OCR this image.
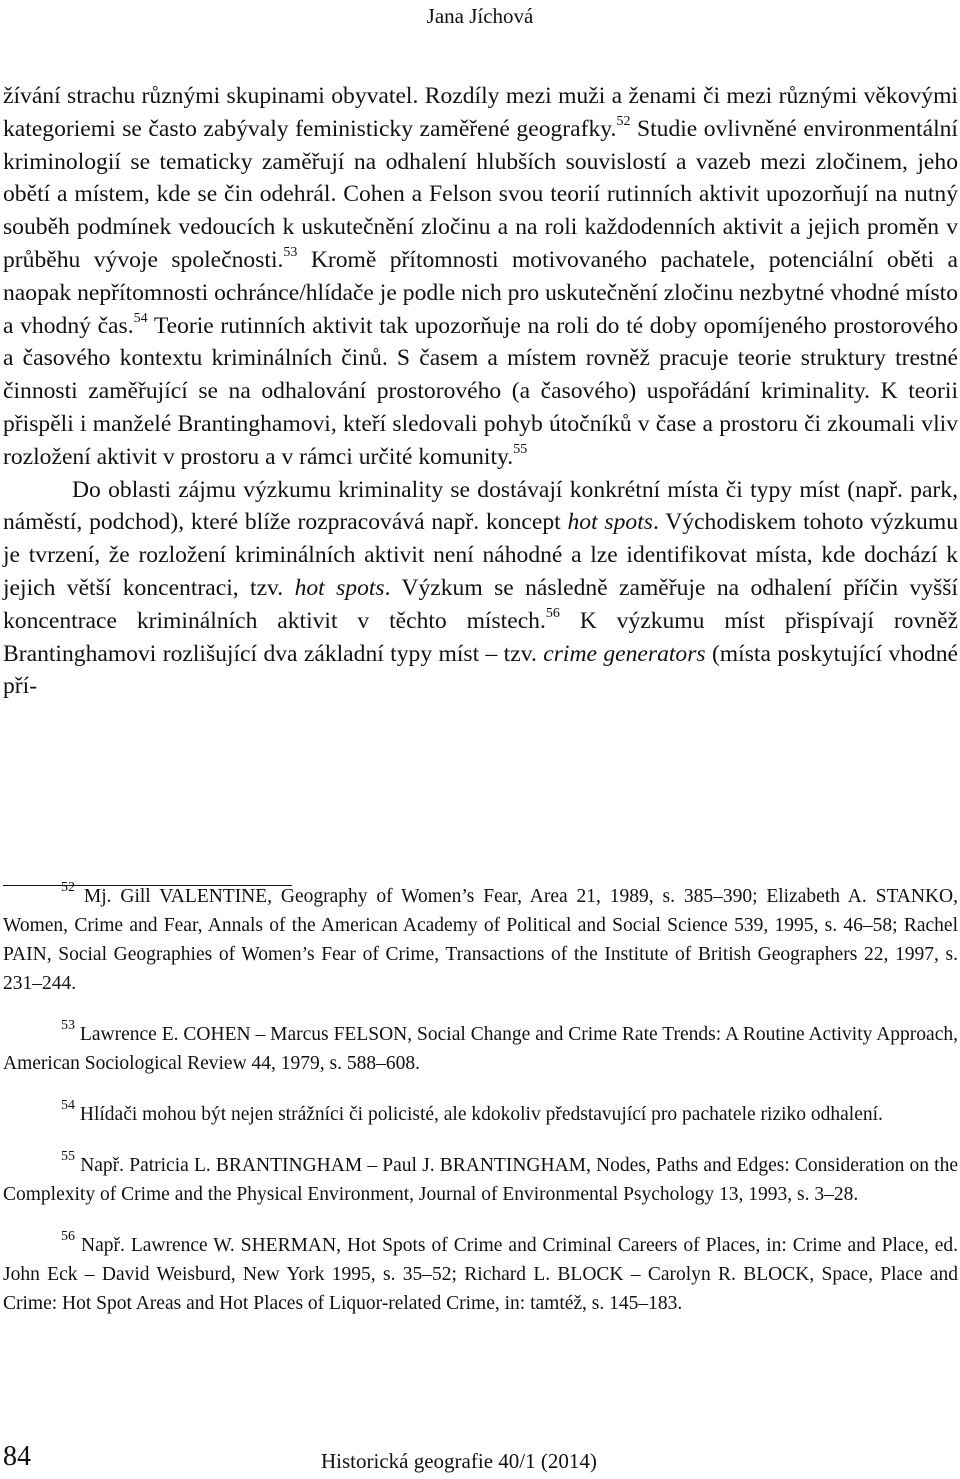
Jana Jíchová

žívání strachu různými skupinami obyvatel. Rozdíly mezi muži a ženami či mezi různými věkovými kategoriemi se často zabývaly feministicky zaměřené geografky.$^{52}$ Studie ovlivněné environmentální kriminologií se tematicky zaměřují na odhalení hlubších souvislostí a vazeb mezi zločinem, jeho obětí a místem, kde se čin odehrál. Cohen a Felson svou teorií rutinních aktivit upozorňují na nutný souběh podmínek vedoucích k uskutečnění zločinu a na roli každodenních aktivit a jejich proměn v průběhu vývoje společnosti.$^{53}$ Kromě přítomnosti motivovaného pachatele, potenciální oběti a naopak nepřítomnosti ochránce/hlídače je podle nich pro uskutečnění zločinu nezbytné vhodné místo a vhodný čas.$^{54}$ Teorie rutinních aktivit tak upozorňuje na roli do té doby opomíjeného prostorového a časového kontextu kriminálních činů. S časem a místem rovněž pracuje teorie struktury trestné činnosti zaměřující se na odhalování prostorového (a časového) uspořádání kriminality. K teorii přispěli i manželé Brantinghamovi, kteří sledovali pohyb útočníků v čase a prostoru či zkoumali vliv rozložení aktivit v prostoru a v rámci určité komunity.$^{55}$

Do oblasti zájmu výzkumu kriminality se dostávají konkrétní místa či typy míst (např. park, náměstí, podchod), které blíže rozpracovává např. koncept hot spots. Východiskem tohoto výzkumu je tvrzení, že rozložení kriminálních aktivit není náhodné a lze identifikovat místa, kde dochází k jejich větší koncentraci, tzv. hot spots. Výzkum se následně zaměřuje na odhalení příčin vyšší koncentrace kriminálních aktivit v těchto místech.$^{56}$ K výzkumu míst přispívají rovněž Brantinghamovi rozlišující dva základní typy míst – tzv. crime generators (místa poskytující vhodné pří-

$^{52}$ Mj. Gill VALENTINE, Geography of Women’s Fear, Area 21, 1989, s. 385–390; Elizabeth A. STANKO, Women, Crime and Fear, Annals of the American Academy of Political and Social Science 539, 1995, s. 46–58; Rachel PAIN, Social Geographies of Women’s Fear of Crime, Transactions of the Institute of British Geographers 22, 1997, s. 231–244.

$^{53}$ Lawrence E. COHEN – Marcus FELSON, Social Change and Crime Rate Trends: A Routine Activity Approach, American Sociological Review 44, 1979, s. 588–608.

$^{54}$ Hlídači mohou být nejen strážníci či policisté, ale kdokoliv představující pro pachatele riziko odhalení.

$^{55}$ Např. Patricia L. BRANTINGHAM – Paul J. BRANTINGHAM, Nodes, Paths and Edges: Consideration on the Complexity of Crime and the Physical Environment, Journal of Environmental Psychology 13, 1993, s. 3–28.

$^{56}$ Např. Lawrence W. SHERMAN, Hot Spots of Crime and Criminal Careers of Places, in: Crime and Place, ed. John Eck – David Weisburd, New York 1995, s. 35–52; Richard L. BLOCK – Carolyn R. BLOCK, Space, Place and Crime: Hot Spot Areas and Hot Places of Liquor-related Crime, in: tamtéž, s. 145–183.

84	Historická geografie 40/1 (2014)
